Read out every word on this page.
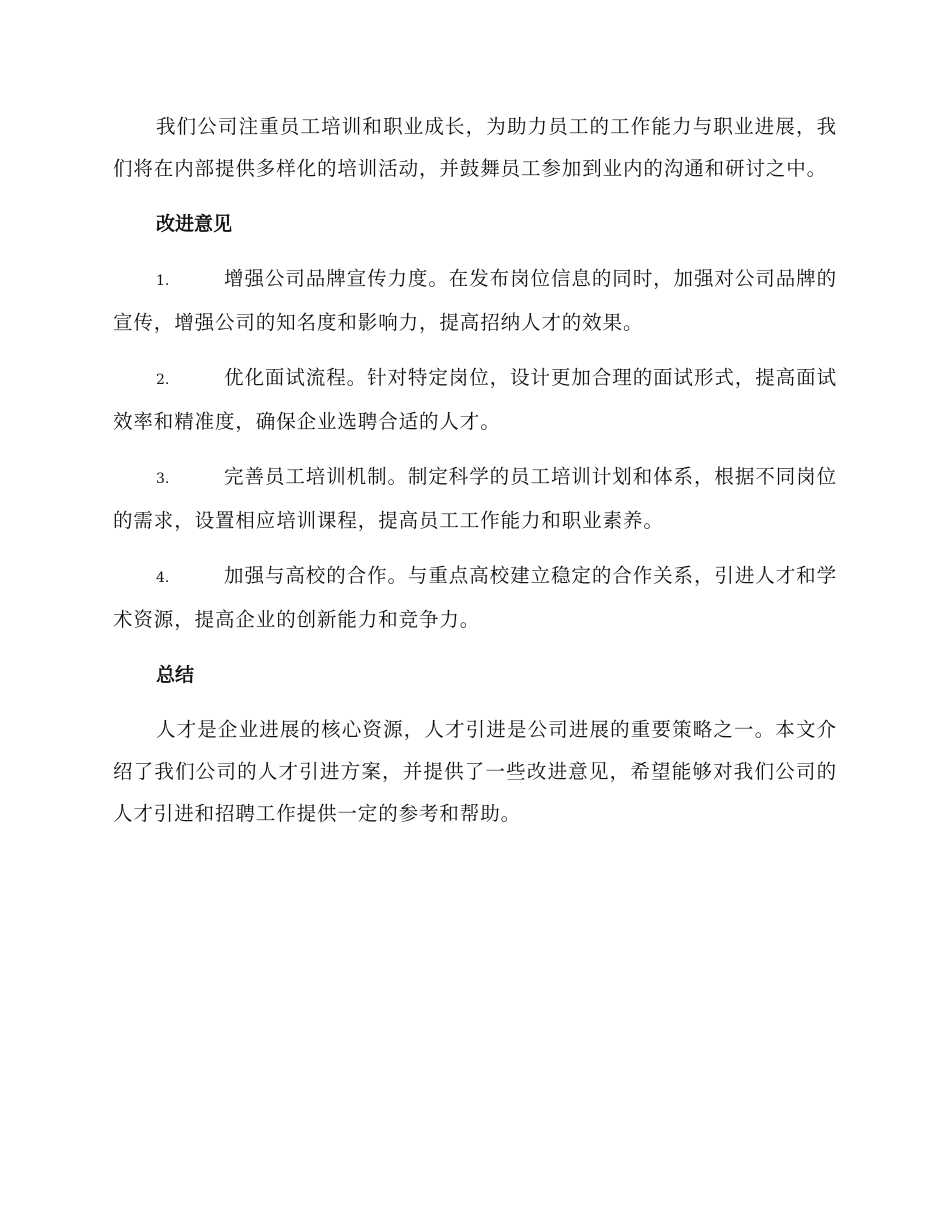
我们公司注重员工培训和职业成长，为助力员工的工作能力与职业进展，我们将在内部提供多样化的培训活动，并鼓舞员工参加到业内的沟通和研讨之中。

改进意见

1.	增强公司品牌宣传力度。在发布岗位信息的同时，加强对公司品牌的宣传，增强公司的知名度和影响力，提高招纳人才的效果。

2.	优化面试流程。针对特定岗位，设计更加合理的面试形式，提高面试效率和精准度，确保企业选聘合适的人才。

3.	完善员工培训机制。制定科学的员工培训计划和体系，根据不同岗位的需求，设置相应培训课程，提高员工工作能力和职业素养。

4.	加强与高校的合作。与重点高校建立稳定的合作关系，引进人才和学术资源，提高企业的创新能力和竞争力。

总结

人才是企业进展的核心资源，人才引进是公司进展的重要策略之一。本文介绍了我们公司的人才引进方案，并提供了一些改进意见，希望能够对我们公司的人才引进和招聘工作提供一定的参考和帮助。
